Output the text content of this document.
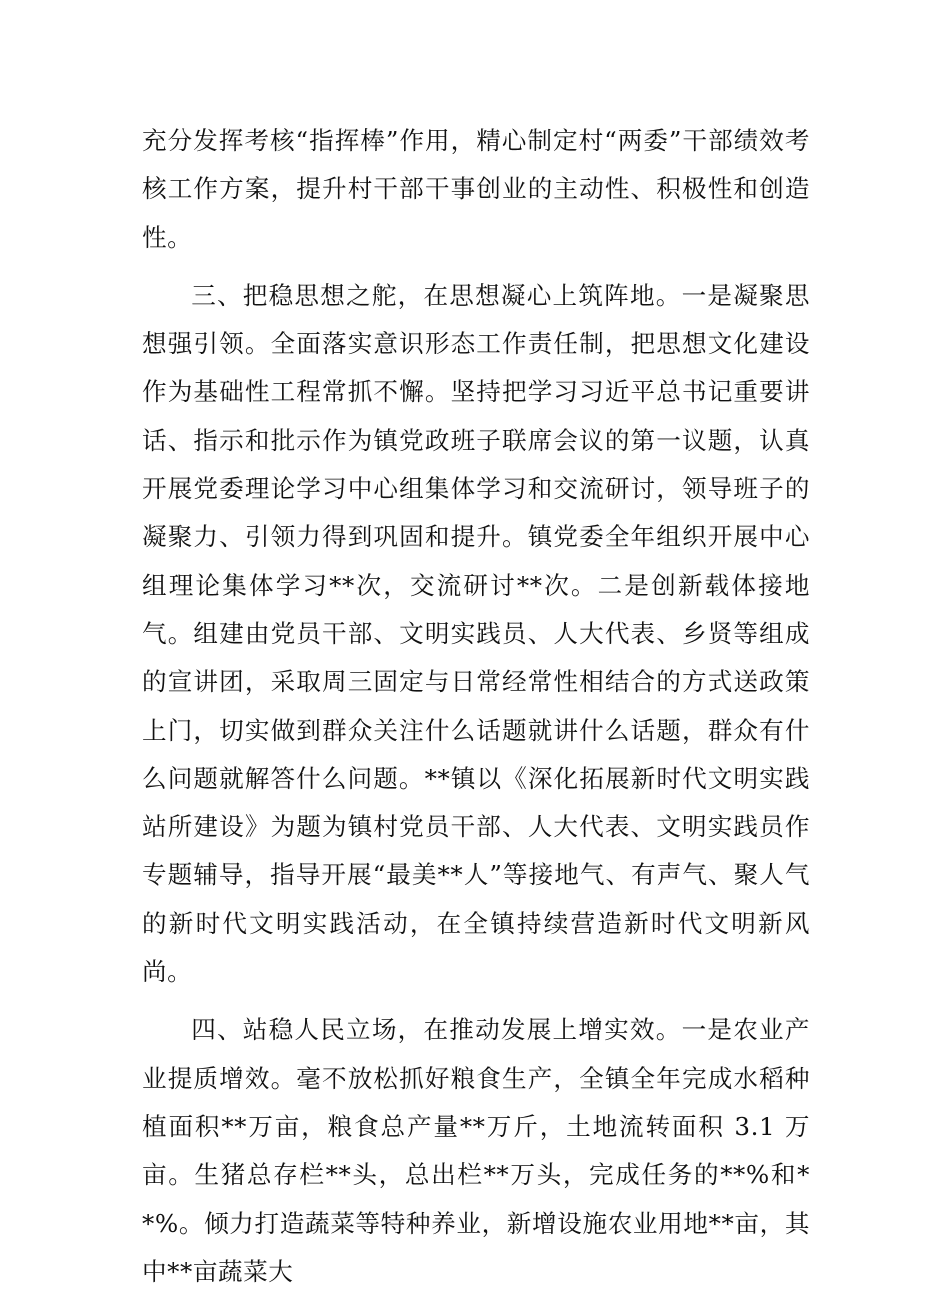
充分发挥考核“指挥棒”作用，精心制定村“两委”干部绩效考核工作方案，提升村干部干事创业的主动性、积极性和创造性。

三、把稳思想之舵，在思想凝心上筑阵地。一是凝聚思想强引领。全面落实意识形态工作责任制，把思想文化建设作为基础性工程常抓不懈。坚持把学习习近平总书记重要讲话、指示和批示作为镇党政班子联席会议的第一议题，认真开展党委理论学习中心组集体学习和交流研讨，领导班子的凝聚力、引领力得到巩固和提升。镇党委全年组织开展中心组理论集体学习**次，交流研讨**次。二是创新载体接地气。组建由党员干部、文明实践员、人大代表、乡贤等组成的宣讲团，采取周三固定与日常经常性相结合的方式送政策上门，切实做到群众关注什么话题就讲什么话题，群众有什么问题就解答什么问题。**镇以《深化拓展新时代文明实践站所建设》为题为镇村党员干部、人大代表、文明实践员作专题辅导，指导开展“最美**人”等接地气、有声气、聚人气的新时代文明实践活动，在全镇持续营造新时代文明新风尚。

四、站稳人民立场，在推动发展上增实效。一是农业产业提质增效。毫不放松抓好粮食生产，全镇全年完成水稻种植面积**万亩，粮食总产量**万斤，土地流转面积 3.1 万亩。生猪总存栏**头，总出栏**万头，完成任务的**%和**%。倾力打造蔬菜等特种养业，新增设施农业用地**亩，其中**亩蔬菜大
